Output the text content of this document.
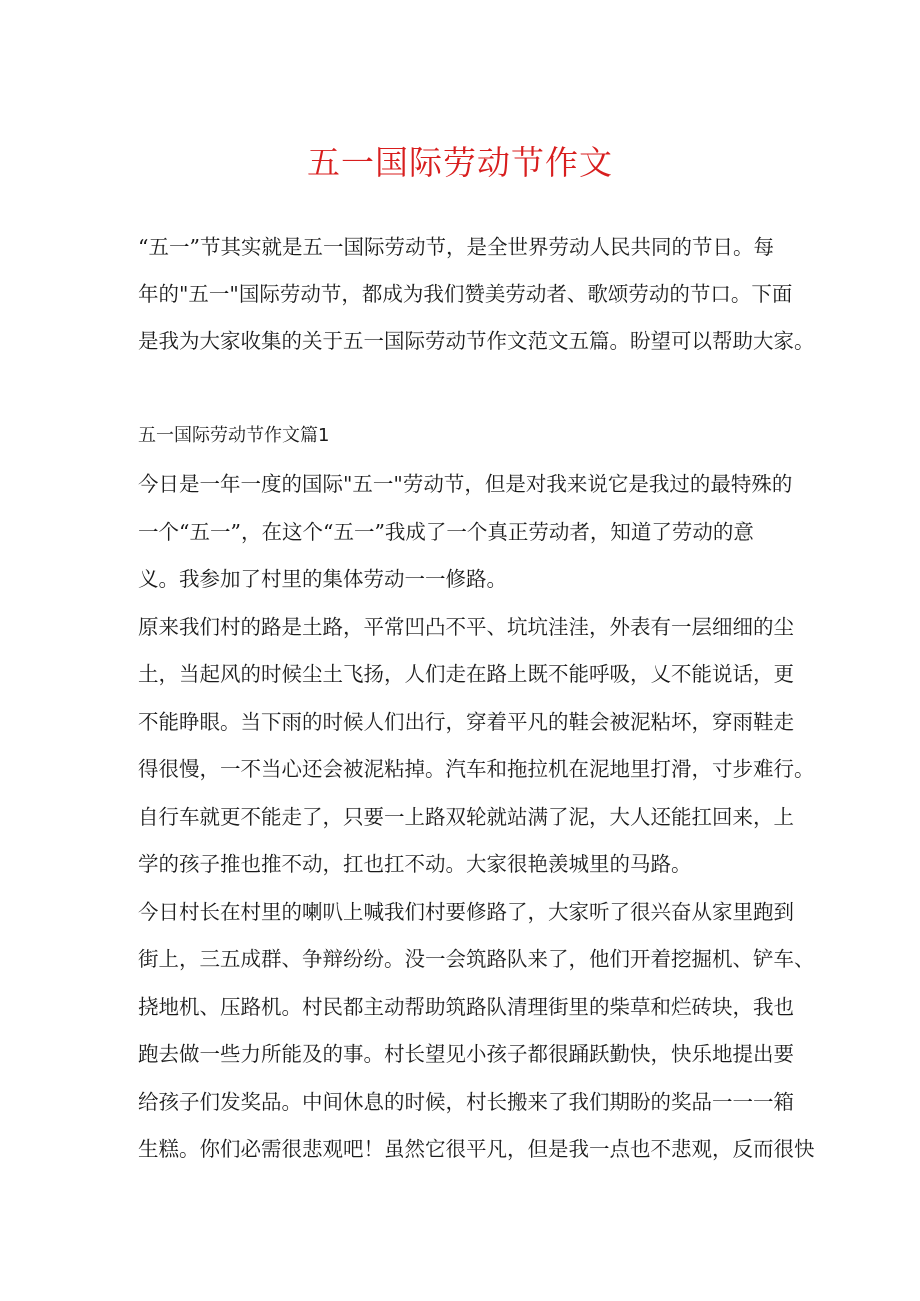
五一国际劳动节作文
“五一”节其实就是五一国际劳动节，是全世界劳动人民共同的节日。每
年的"五一"国际劳动节，都成为我们赞美劳动者、歌颂劳动的节口。下面
是我为大家收集的关于五一国际劳动节作文范文五篇。盼望可以帮助大家。
五一国际劳动节作文篇1
今日是一年一度的国际"五一"劳动节，但是对我来说它是我过的最特殊的
一个“五一”，在这个“五一”我成了一个真正劳动者，知道了劳动的意
义。我参加了村里的集体劳动一一修路。
原来我们村的路是土路，平常凹凸不平、坑坑洼洼，外表有一层细细的尘
土，当起风的时候尘土飞扬，人们走在路上既不能呼吸，乂不能说话，更
不能睁眼。当下雨的时候人们出行，穿着平凡的鞋会被泥粘坏，穿雨鞋走
得很慢，一不当心还会被泥粘掉。汽车和拖拉机在泥地里打滑，寸步难行。
自行车就更不能走了，只要一上路双轮就站满了泥，大人还能扛回来，上
学的孩子推也推不动，扛也扛不动。大家很艳羡城里的马路。
今日村长在村里的喇叭上喊我们村要修路了，大家听了很兴奋从家里跑到
街上，三五成群、争辩纷纷。没一会筑路队来了，他们开着挖掘机、铲车、
挠地机、压路机。村民都主动帮助筑路队清理街里的柴草和烂砖块，我也
跑去做一些力所能及的事。村长望见小孩子都很踊跃勤快，快乐地提出要
给孩子们发奖品。中间休息的时候，村长搬来了我们期盼的奖品一一一箱
生糕。你们必需很悲观吧！虽然它很平凡，但是我一点也不悲观，反而很快
